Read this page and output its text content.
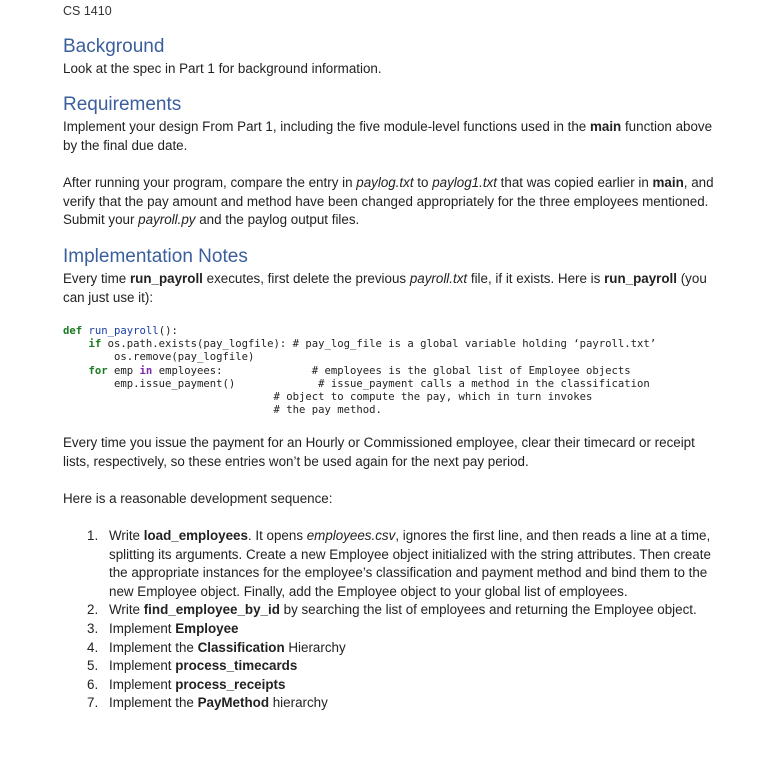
CS 1410
Background

Look at the spec in Part 1 for background information.

Requirements

Implement your design From Part 1, including the five module-level functions used in the main function above by the final due date.

After running your program, compare the entry in paylog.txt to paylog1.txt that was copied earlier in main, and verify that the pay amount and method have been changed appropriately for the three employees mentioned. Submit your payroll.py and the paylog output files.

Implementation Notes

Every time run_payroll executes, first delete the previous payroll.txt file, if it exists. Here is run_payroll (you can just use it):

def run_payroll():
if os.path.exists(pay_logfile): # pay_log_file is a global variable holding ‘payroll.txt’
os.remove(pay_logfile)
for emp in employees:	# employees is the global list of Employee objects
emp.issue_payment()	# issue_payment calls a method in the classification
# object to compute the pay, which in turn invokes
# the pay method.

Every time you issue the payment for an Hourly or Commissioned employee, clear their timecard or receipt lists, respectively, so these entries won’t be used again for the next pay period.

Here is a reasonable development sequence:

1. Write load_employees. It opens employees.csv, ignores the first line, and then reads a line at a time, splitting its arguments. Create a new Employee object initialized with the string attributes. Then create the appropriate instances for the employee’s classification and payment method and bind them to the new Employee object. Finally, add the Employee object to your global list of employees.
2. Write find_employee_by_id by searching the list of employees and returning the Employee object.
3. Implement Employee
4. Implement the Classification Hierarchy
5. Implement process_timecards
6. Implement process_receipts
7. Implement the PayMethod hierarchy
